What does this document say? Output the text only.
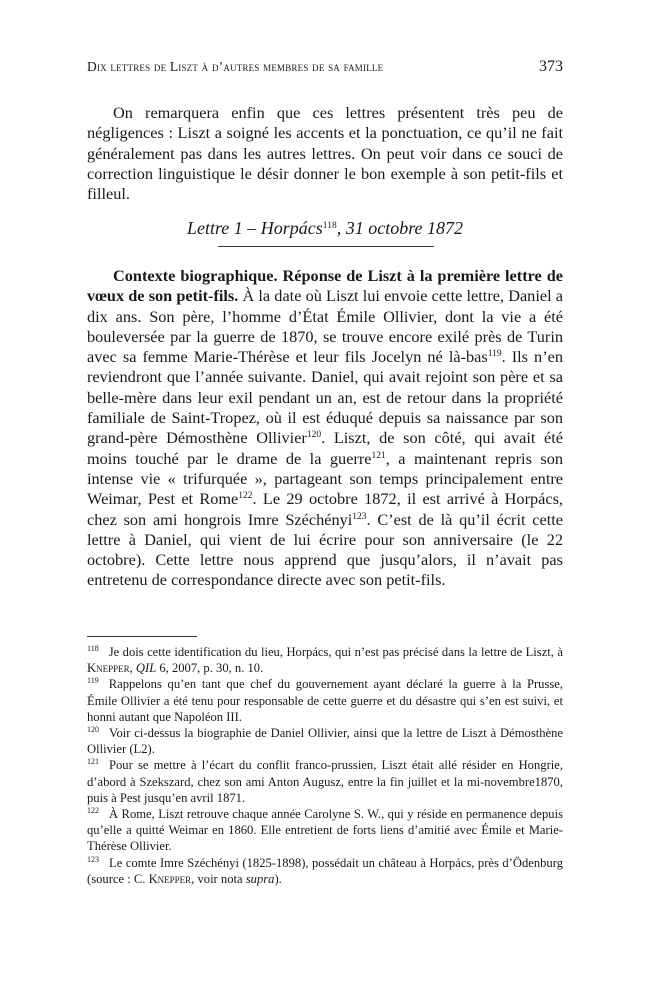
Dix lettres de Liszt à d’autres membres de sa famille	373

On remarquera enfin que ces lettres présentent très peu de négligences : Liszt a soigné les accents et la ponctuation, ce qu’il ne fait généralement pas dans les autres lettres. On peut voir dans ce souci de correction linguistique le désir donner le bon exemple à son petit-fils et filleul.

Lettre 1 – Horpács$^{118}$, 31 octobre 1872

Contexte biographique. Réponse de Liszt à la première lettre de vœux de son petit-fils. À la date où Liszt lui envoie cette lettre, Daniel a dix ans. Son père, l’homme d’État Émile Ollivier, dont la vie a été bouleversée par la guerre de 1870, se trouve encore exilé près de Turin avec sa femme Marie-Thérèse et leur fils Jocelyn né là-bas$^{119}$. Ils n’en reviendront que l’année suivante. Daniel, qui avait rejoint son père et sa belle-mère dans leur exil pendant un an, est de retour dans la propriété familiale de Saint-Tropez, où il est éduqué depuis sa naissance par son grand-père Démosthène Ollivier$^{120}$. Liszt, de son côté, qui avait été moins touché par le drame de la guerre$^{121}$, a maintenant repris son intense vie « trifurquée », partageant son temps principalement entre Weimar, Pest et Rome$^{122}$. Le 29 octobre 1872, il est arrivé à Horpács, chez son ami hongrois Imre Széchényi$^{123}$. C’est de là qu’il écrit cette lettre à Daniel, qui vient de lui écrire pour son anniversaire (le 22 octobre). Cette lettre nous apprend que jusqu’alors, il n’avait pas entretenu de correspondance directe avec son petit-fils.

$^{118}$ Je dois cette identification du lieu, Horpács, qui n’est pas précisé dans la lettre de Liszt, à Knepper, QIL 6, 2007, p. 30, n. 10.

$^{119}$ Rappelons qu’en tant que chef du gouvernement ayant déclaré la guerre à la Prusse, Émile Ollivier a été tenu pour responsable de cette guerre et du désastre qui s’en est suivi, et honni autant que Napoléon III.

$^{120}$ Voir ci-dessus la biographie de Daniel Ollivier, ainsi que la lettre de Liszt à Démosthène Ollivier (L2).

$^{121}$ Pour se mettre à l’écart du conflit franco-prussien, Liszt était allé résider en Hongrie, d’abord à Szekszard, chez son ami Anton Augusz, entre la fin juillet et la mi-novembre1870, puis à Pest jusqu’en avril 1871.

$^{122}$ À Rome, Liszt retrouve chaque année Carolyne S. W., qui y réside en permanence depuis qu’elle a quitté Weimar en 1860. Elle entretient de forts liens d’amitié avec Émile et Marie-Thérèse Ollivier.

$^{123}$ Le comte Imre Széchényi (1825-1898), possédait un château à Horpács, près d’Ödenburg (source : C. Knepper, voir nota supra).
